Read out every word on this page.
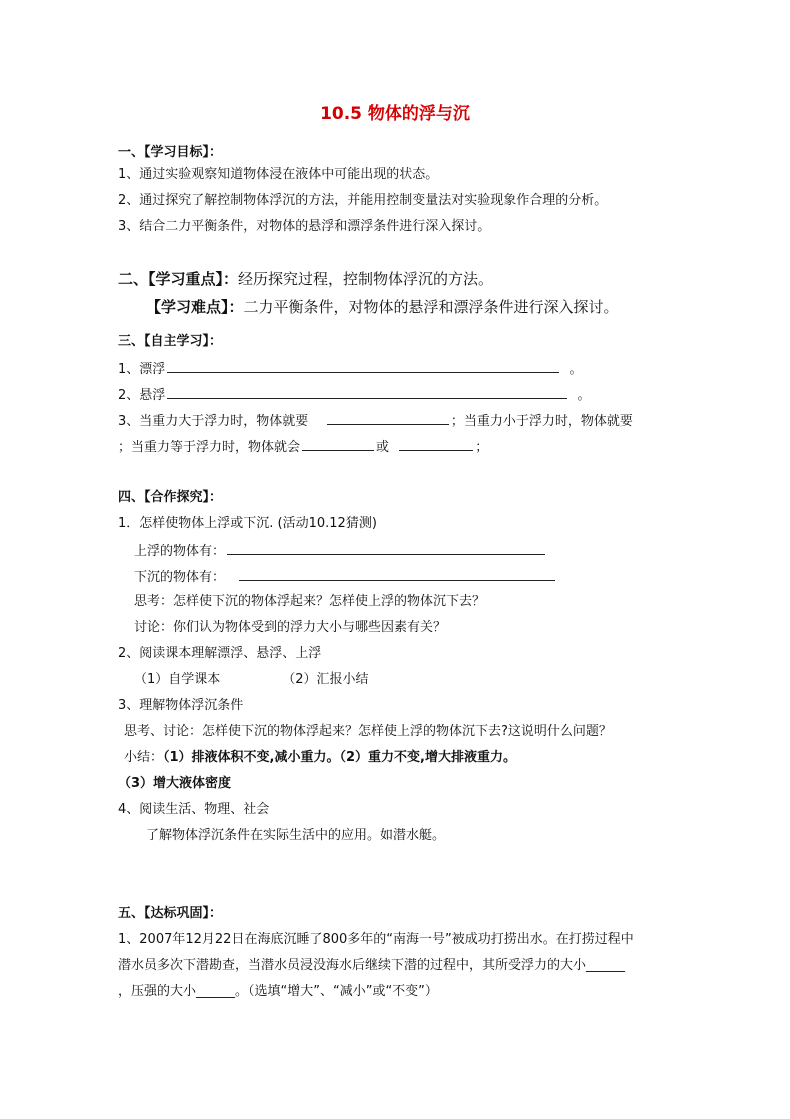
10.5 物体的浮与沉
一、【学习目标】：
1、通过实验观察知道物体浸在液体中可能出现的状态。
2、通过探究了解控制物体浮沉的方法，并能用控制变量法对实验现象作合理的分析。
3、结合二力平衡条件，对物体的悬浮和漂浮条件进行深入探讨。
二、【学习重点】：经历探究过程，控制物体浮沉的方法。
【学习难点】：二力平衡条件，对物体的悬浮和漂浮条件进行深入探讨。
三、【自主学习】：
1、漂浮	。
2、悬浮	。
3、当重力大于浮力时，物体就要	；当重力小于浮力时，物体就要
；当重力等于浮力时，物体就会	或	；
四、【合作探究】：
1．怎样使物体上浮或下沉. (活动10.12猜测)
上浮的物体有：
下沉的物体有：
思考：怎样使下沉的物体浮起来？怎样使上浮的物体沉下去？
讨论：你们认为物体受到的浮力大小与哪些因素有关？
2、阅读课本理解漂浮、悬浮、上浮
（1）自学课本	（2）汇报小结
3、理解物体浮沉条件
思考、讨论：怎样使下沉的物体浮起来？怎样使上浮的物体沉下去?这说明什么问题？
小结：（1）排液体积不变,减小重力。（2）重力不变,增大排液重力。
（3）增大液体密度
4、阅读生活、物理、社会
了解物体浮沉条件在实际生活中的应用。如潜水艇。
五、【达标巩固】：
1、2007年12月22日在海底沉睡了800多年的“南海一号”被成功打捞出水。在打捞过程中
潜水员多次下潜勘查，当潜水员浸没海水后继续下潜的过程中，其所受浮力的大小______
，压强的大小______。（选填“增大”、“减小”或“不变”）
